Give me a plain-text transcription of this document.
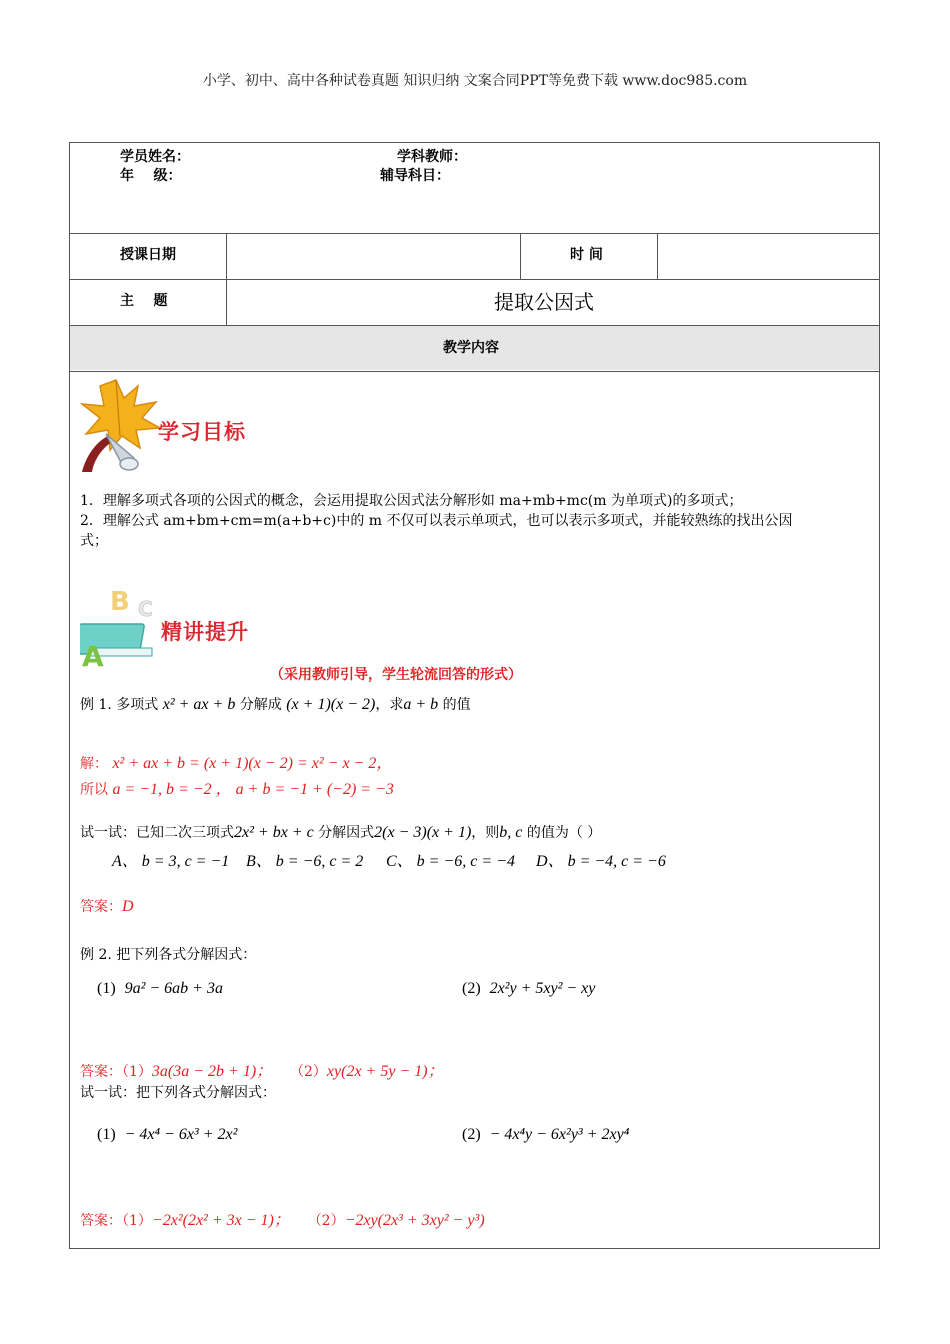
小学、初中、高中各种试卷真题 知识归纳 文案合同PPT等免费下载 www.doc985.com
学员姓名：	学科教师：
年    级：	辅导科目：
授课日期	时 间
主    题	提取公因式
教学内容
学习目标
1．理解多项式各项的公因式的概念，会运用提取公因式法分解形如 ma+mb+mc(m 为单项式)的多项式；
2．理解公式 am+bm+cm=m(a+b+c)中的 m 不仅可以表示单项式，也可以表示多项式，并能较熟练的找出公因
式；
B C
A
精讲提升
（采用教师引导，学生轮流回答的形式）
例 1. 多项式 x² + ax + b 分解成 (x + 1)(x − 2)，求a + b 的值
解： x² + ax + b = (x + 1)(x − 2) = x² − x − 2，
所以 a = −1, b = −2 ， a + b = −1 + (−2) = −3
试一试：已知二次三项式2x² + bx + c 分解因式2(x − 3)(x + 1)，则b, c 的值为（ ）
A、 b = 3, c = −1 B、 b = −6, c = 2 C、 b = −6, c = −4 D、 b = −4, c = −6
答案：D
例 2. 把下列各式分解因式：
(1) 9a² − 6ab + 3a	(2) 2x²y + 5xy² − xy
答案：（1）3a(3a − 2b + 1)； （2）xy(2x + 5y − 1)；
试一试：把下列各式分解因式：
(1) − 4x⁴ − 6x³ + 2x²	(2) − 4x⁴y − 6x²y³ + 2xy⁴
答案：（1）−2x²(2x² + 3x − 1)； （2）−2xy(2x³ + 3xy² − y³)
